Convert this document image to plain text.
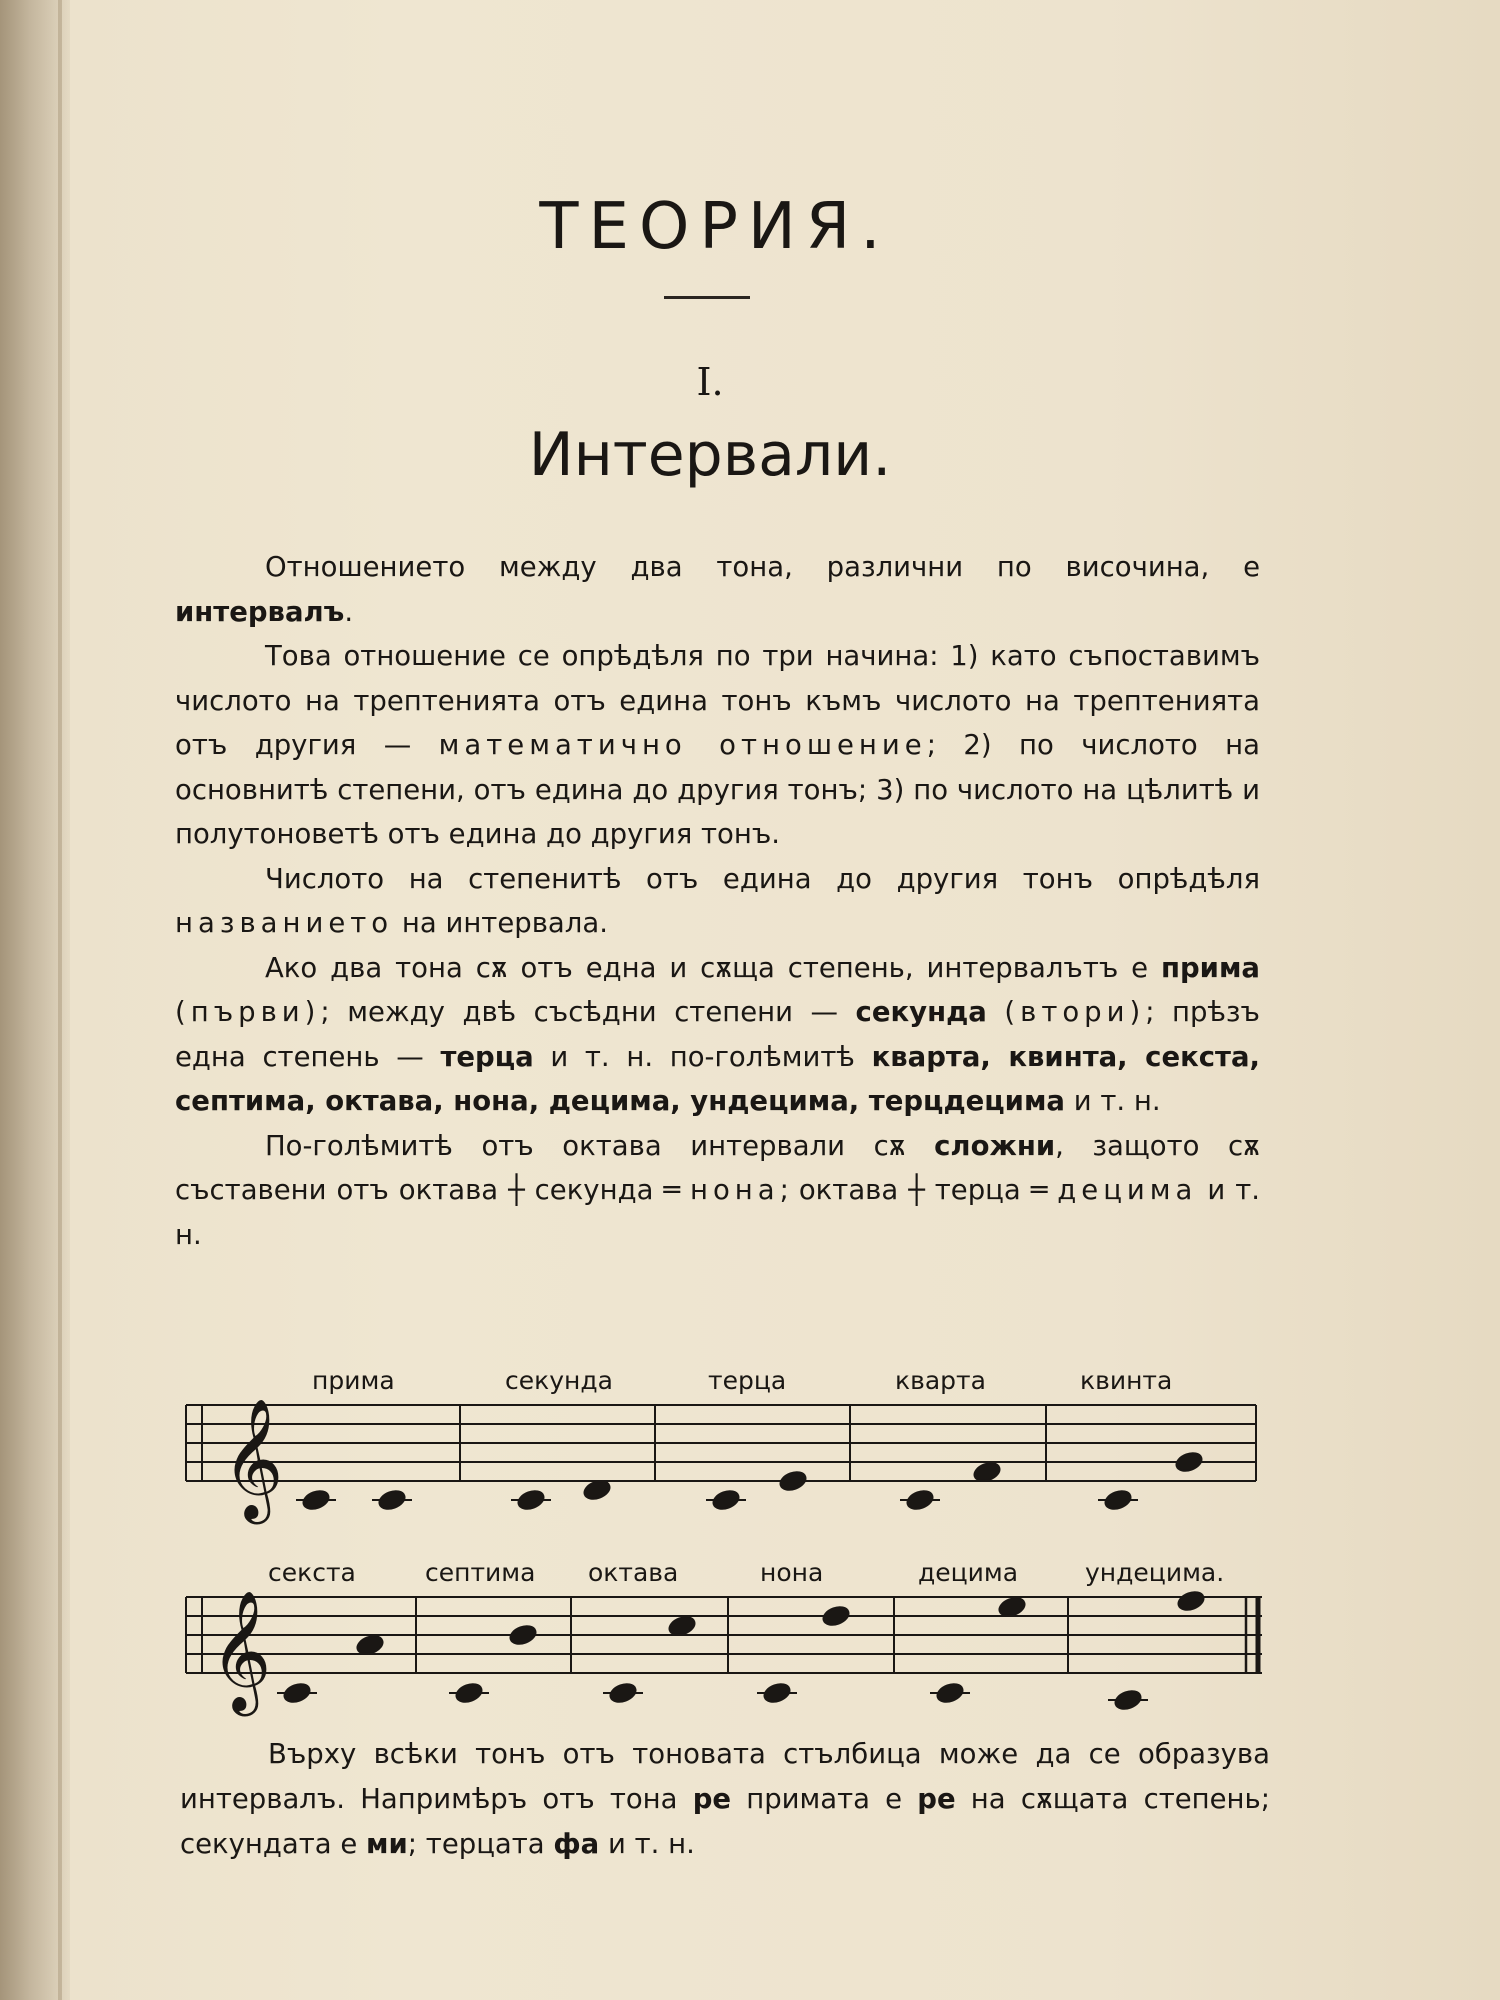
ТЕОРИЯ.
I.
Интервали.

Отношението между два тона, различни по височина, е интервалъ.

Това отношение се опрѣдѣля по три начина: 1) като съпоставимъ числото на трептенията отъ едина тонъ къмъ числото на трептенията отъ другия — математично отношение; 2) по числото на основнитѣ степени, отъ едина до другия тонъ; 3) по числото на цѣлитѣ и полутоноветѣ отъ едина до другия тонъ.

Числото на степенитѣ отъ едина до другия тонъ опрѣдѣля названието на интервала.

Ако два тона сѫ отъ една и сѫща степень, интервалътъ е прима (първи); между двѣ съсѣдни степени — секунда (втори); прѣзъ една степень — терца и т. н. по-голѣмитѣ кварта, квинта, секста, септима, октава, нона, децима, ундецима, терцдецима и т. н.

По-голѣмитѣ отъ октава интервали сѫ сложни, защото сѫ съставени отъ октава ┼ секунда ═ нона; октава ┼ терца ═ децима и т. н.

прима	секунда	терца	кварта	квинта
секста	септима октава	нона	децима	ундецима.
𝄞
𝄞

Върху всѣки тонъ отъ тоновата стълбица може да се образува интервалъ. Напримѣръ отъ тона ре примата е ре на сѫщата степень; секундата е ми; терцата фа и т. н.
